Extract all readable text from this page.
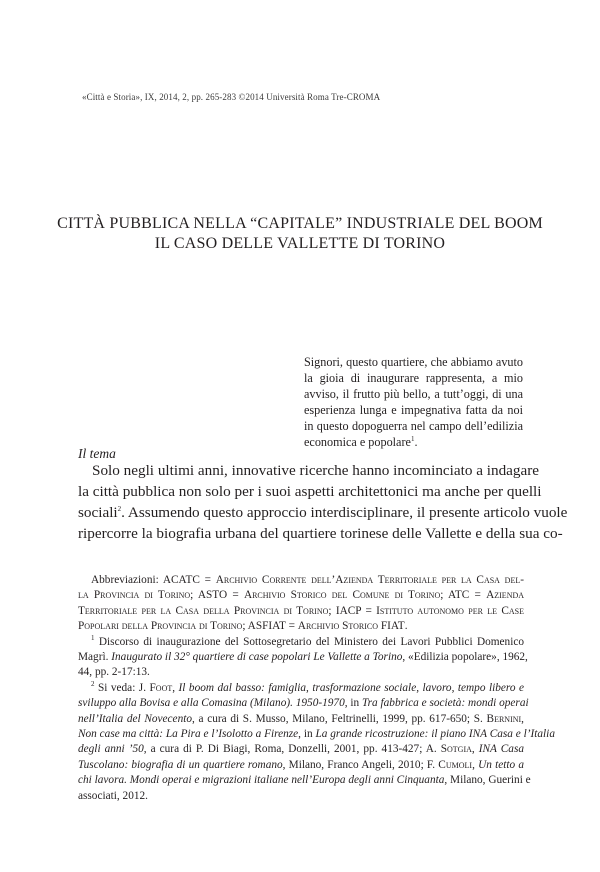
«Città e Storia», IX, 2014, 2, pp. 265-283 ©2014 Università Roma Tre-CROMA
CITTÀ PUBBLICA NELLA “CAPITALE” INDUSTRIALE DEL BOOM
IL CASO DELLE VALLETTE DI TORINO
Signori, questo quartiere, che abbiamo avuto
la gioia di inaugurare rappresenta, a mio
avviso, il frutto più bello, a tutt’oggi, di una
esperienza lunga e impegnativa fatta da noi
in questo dopoguerra nel campo dell’edilizia
economica e popolare$^1$.
Il tema
Solo negli ultimi anni, innovative ricerche hanno incominciato a indagare
la città pubblica non solo per i suoi aspetti architettonici ma anche per quelli
sociali$^2$. Assumendo questo approccio interdisciplinare, il presente articolo vuole
ripercorre la biografia urbana del quartiere torinese delle Vallette e della sua co-
Abbreviazioni: ACATC = Archivio Corrente dell’Azienda Territoriale per la Casa del-
la Provincia di Torino; ASTO = Archivio Storico del Comune di Torino; ATC = Azienda
Territoriale per la Casa della Provincia di Torino; IACP = Istituto autonomo per le Case
Popolari della Provincia di Torino; ASFIAT = Archivio Storico FIAT.
$^1$ Discorso di inaugurazione del Sottosegretario del Ministero dei Lavori Pubblici Domenico
Magrì. Inaugurato il 32° quartiere di case popolari Le Vallette a Torino, «Edilizia popolare», 1962,
44, pp. 2-17:13.
$^2$ Si veda: J. Foot, Il boom dal basso: famiglia, trasformazione sociale, lavoro, tempo libero e
sviluppo alla Bovisa e alla Comasina (Milano). 1950-1970, in Tra fabbrica e società: mondi operai
nell’Italia del Novecento, a cura di S. Musso, Milano, Feltrinelli, 1999, pp. 617-650; S. Bernini,
Non case ma città: La Pira e l’Isolotto a Firenze, in La grande ricostruzione: il piano INA Casa e l’Italia
degli anni ’50, a cura di P. Di Biagi, Roma, Donzelli, 2001, pp. 413-427; A. Sotgia, INA Casa
Tuscolano: biografia di un quartiere romano, Milano, Franco Angeli, 2010; F. Cumoli, Un tetto a
chi lavora. Mondi operai e migrazioni italiane nell’Europa degli anni Cinquanta, Milano, Guerini e
associati, 2012.
